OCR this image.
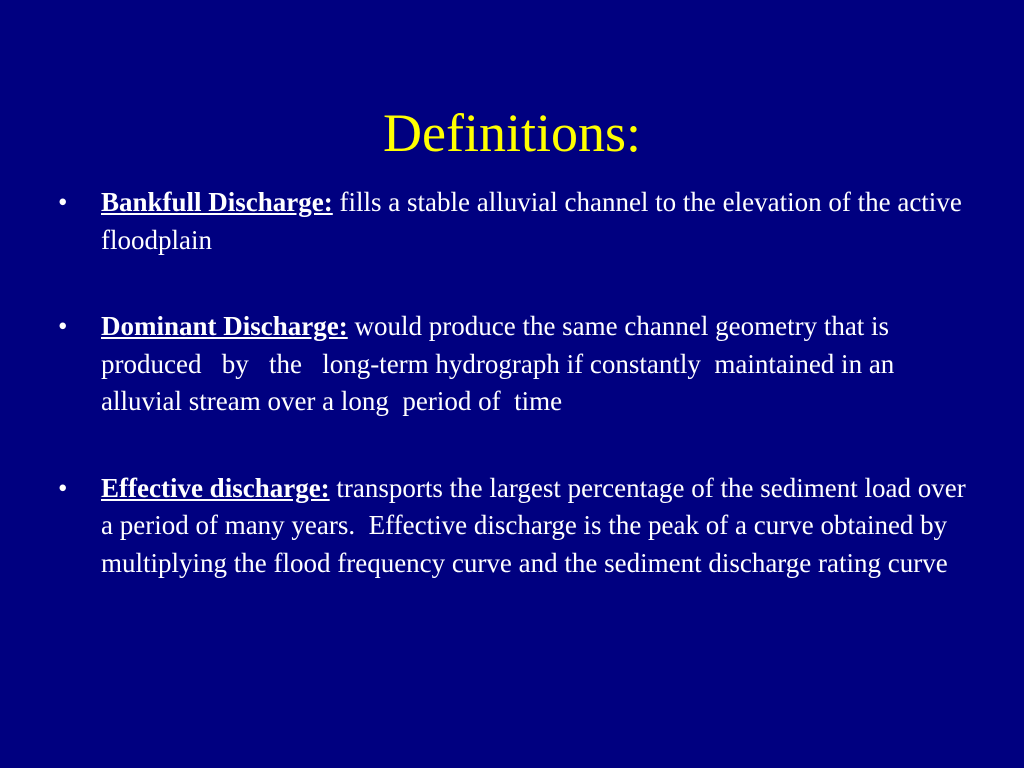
Definitions:
•	Bankfull Discharge: fills a stable alluvial channel to the elevation of the active floodplain
•	Dominant Discharge: would produce the same channel geometry that is produced   by   the   long-term hydrograph if constantly  maintained in an alluvial stream over a long  period of  time
•	Effective discharge: transports the largest percentage of the sediment load over a period of many years.  Effective discharge is the peak of a curve obtained by multiplying the flood frequency curve and the sediment discharge rating curve
